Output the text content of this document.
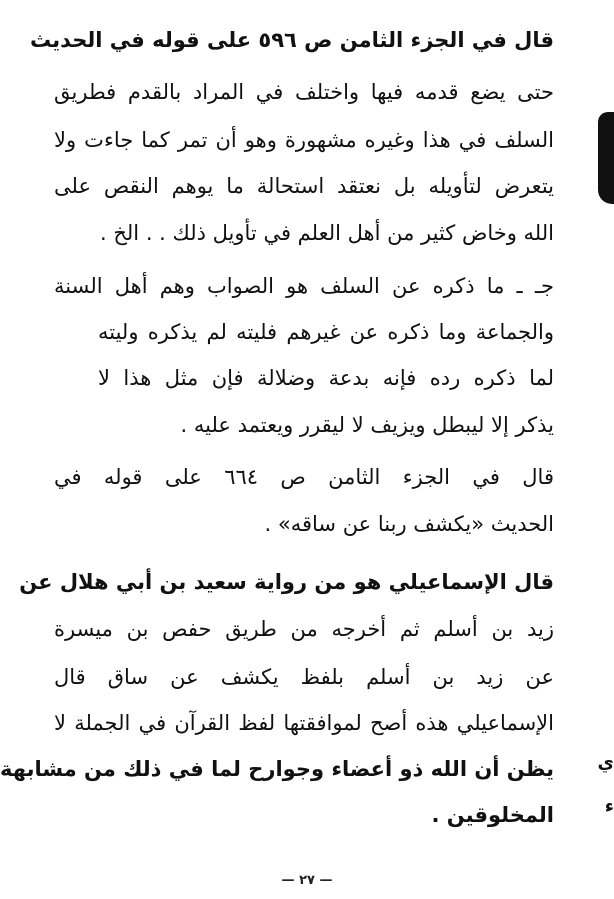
قال في الجزء الثامن ص ٥٩٦ على قوله في الحديث
حتى يضع قدمه فيها واختلف في المراد بالقدم فطريق
السلف في هذا وغيره مشهورة وهو أن تمر كما جاءت ولا
يتعرض لتأويله بل نعتقد استحالة ما يوهم النقص على
الله وخاض كثير من أهل العلم في تأويل ذلك . . الخ .
جـ ـ ما ذكره عن السلف هو الصواب وهم أهل السنة
والجماعة وما ذكره عن غيرهم فليته لم يذكره وليته
لما ذكره رده فإنه بدعة وضلالة فإن مثل هذا لا
يذكر إلا ليبطل ويزيف لا ليقرر ويعتمد عليه .
قال في الجزء الثامن ص ٦٦٤ على قوله في
الحديث «يكشف ربنا عن ساقه» .
قال الإسماعيلي هو من رواية سعيد بن أبي هلال عن
زيد بن أسلم ثم أخرجه من طريق حفص بن ميسرة
عن زيد بن أسلم بلفظ يكشف عن ساق قال
الإسماعيلي هذه أصح لموافقتها لفظ القرآن في الجملة لا
يظن أن الله ذو أعضاء وجوارح لما في ذلك من مشابهة
المخلوقين .
ي
ء
— ٢٧ —
